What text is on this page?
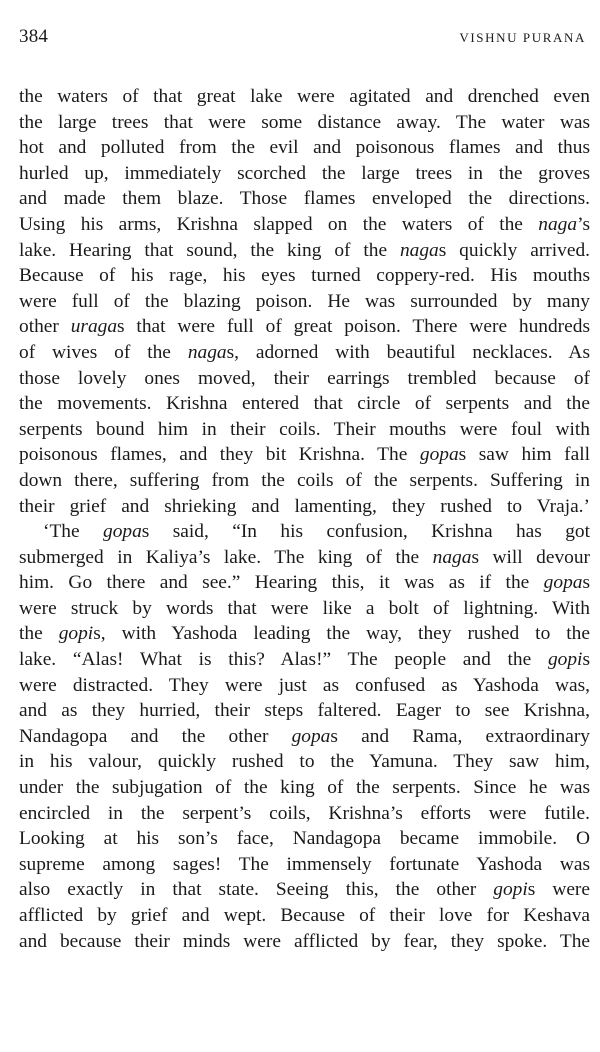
384	VISHNU PURANA
the waters of that great lake were agitated and drenched even
the large trees that were some distance away. The water was
hot and polluted from the evil and poisonous flames and thus
hurled up, immediately scorched the large trees in the groves
and made them blaze. Those flames enveloped the directions.
Using his arms, Krishna slapped on the waters of the naga’s
lake. Hearing that sound, the king of the nagas quickly arrived.
Because of his rage, his eyes turned coppery-red. His mouths
were full of the blazing poison. He was surrounded by many
other uragas that were full of great poison. There were hundreds
of wives of the nagas, adorned with beautiful necklaces. As
those lovely ones moved, their earrings trembled because of
the movements. Krishna entered that circle of serpents and the
serpents bound him in their coils. Their mouths were foul with
poisonous flames, and they bit Krishna. The gopas saw him fall
down there, suffering from the coils of the serpents. Suffering in
their grief and shrieking and lamenting, they rushed to Vraja.’
‘The gopas said, “In his confusion, Krishna has got
submerged in Kaliya’s lake. The king of the nagas will devour
him. Go there and see.” Hearing this, it was as if the gopas
were struck by words that were like a bolt of lightning. With
the gopis, with Yashoda leading the way, they rushed to the
lake. “Alas! What is this? Alas!” The people and the gopis
were distracted. They were just as confused as Yashoda was,
and as they hurried, their steps faltered. Eager to see Krishna,
Nandagopa and the other gopas and Rama, extraordinary
in his valour, quickly rushed to the Yamuna. They saw him,
under the subjugation of the king of the serpents. Since he was
encircled in the serpent’s coils, Krishna’s efforts were futile.
Looking at his son’s face, Nandagopa became immobile. O
supreme among sages! The immensely fortunate Yashoda was
also exactly in that state. Seeing this, the other gopis were
afflicted by grief and wept. Because of their love for Keshava
and because their minds were afflicted by fear, they spoke. The
